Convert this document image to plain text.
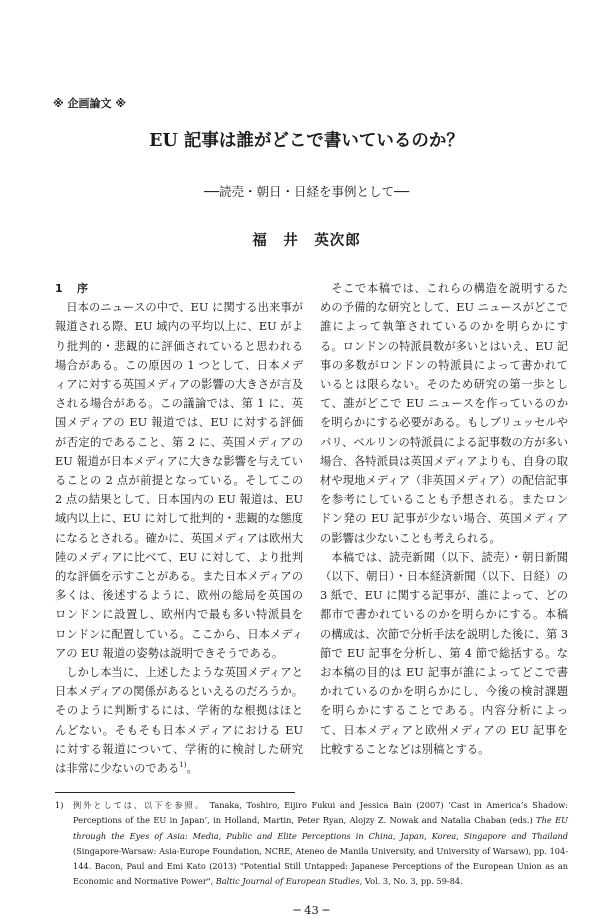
※ 企画論文 ※
EU 記事は誰がどこで書いているのか？
──読売・朝日・日経を事例として──
福　井　英次郎
1 序

日本のニュースの中で、EU に関する出来事が報道される際、EU 域内の平均以上に、EU がより批判的・悲観的に評価されていると思われる場合がある。この原因の 1 つとして、日本メディアに対する英国メディアの影響の大きさが言及される場合がある。この議論では、第 1 に、英国メディアの EU 報道では、EU に対する評価が否定的であること、第 2 に、英国メディアの EU 報道が日本メディアに大きな影響を与えていることの 2 点が前提となっている。そしてこの 2 点の結果として、日本国内の EU 報道は、EU 域内以上に、EU に対して批判的・悲観的な態度になるとされる。確かに、英国メディアは欧州大陸のメディアに比べて、EU に対して、より批判的な評価を示すことがある。また日本メディアの多くは、後述するように、欧州の総局を英国のロンドンに設置し、欧州内で最も多い特派員をロンドンに配置している。ここから、日本メディアの EU 報道の姿勢は説明できそうである。

しかし本当に、上述したような英国メディアと日本メディアの関係があるといえるのだろうか。そのように判断するには、学術的な根拠はほとんどない。そもそも日本メディアにおける EU に対する報道について、学術的に検討した研究は非常に少ないのである$^{1)}$。

そこで本稿では、これらの構造を説明するための予備的な研究として、EU ニュースがどこで誰によって執筆されているのかを明らかにする。ロンドンの特派員数が多いとはいえ、EU 記事の多数がロンドンの特派員によって書かれているとは限らない。そのため研究の第一歩として、誰がどこで EU ニュースを作っているのかを明らかにする必要がある。もしブリュッセルやパリ、ベルリンの特派員による記事数の方が多い場合、各特派員は英国メディアよりも、自身の取材や現地メディア（非英国メディア）の配信記事を参考にしていることも予想される。またロンドン発の EU 記事が少ない場合、英国メディアの影響は少ないことも考えられる。

本稿では、読売新聞（以下、読売）・朝日新聞（以下、朝日）・日本経済新聞（以下、日経）の 3 紙で、EU に関する記事が、誰によって、どの都市で書かれているのかを明らかにする。本稿の構成は、次節で分析手法を説明した後に、第 3 節で EU 記事を分析し、第 4 節で総括する。なお本稿の目的は EU 記事が誰によってどこで書かれているのかを明らかにし、今後の検討課題を明らかにすることである。内容分析によって、日本メディアと欧州メディアの EU 記事を比較することなどは別稿とする。

1)	例外としては、以下を参照。 Tanaka, Toshiro, Eijiro Fukui and Jessica Bain (2007) ‘Cast in America’s Shadow: Perceptions of the EU in Japan’, in Holland, Martin, Peter Ryan, Alojzy Z. Nowak and Natalia Chaban (eds.) The EU through the Eyes of Asia: Media, Public and Elite Perceptions in China, Japan, Korea, Singapore and Thailand (Singapore-Warsaw: Asia-Europe Foundation, NCRE, Ateneo de Manila University, and University of Warsaw), pp. 104-144. Bacon, Paul and Emi Kato (2013) "Potential Still Untapped: Japanese Perceptions of the European Union as an Economic and Normative Power", Baltic Journal of European Studies, Vol. 3, No. 3, pp. 59-84.
─ 43 ─
